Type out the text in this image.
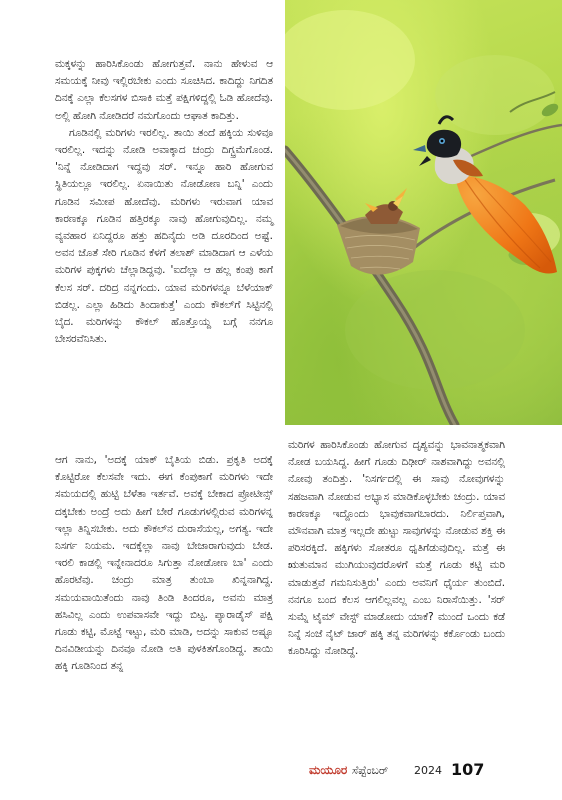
ಮಕ್ಕಳನ್ನು ಹಾರಿಸಿಕೊಂಡು ಹೋಗುತ್ತವೆ. ನಾನು ಹೇಳುವ ಆ ಸಮಯಕ್ಕೆ ನೀವು ಇಲ್ಲಿರಬೇಕು ಎಂದು ಸೂಚಿಸಿದ. ಕಾದಿದ್ದು ನಿಗದಿತ ದಿನಕ್ಕೆ ಎಲ್ಲಾ ಕೆಲಸಗಳ ಬಿಸಾಕಿ ಮತ್ತೆ ಪಕ್ಷಿಗಳಿದ್ದಲ್ಲಿ ಓಡಿ ಹೋದೆವು. ಅಲ್ಲಿ ಹೋಗಿ ನೋಡಿದರೆ ನಮಗೊಂದು ಆಘಾತ ಕಾದಿತ್ತು.

ಗೂಡಿನಲ್ಲಿ ಮರಿಗಳು ಇರಲಿಲ್ಲ. ತಾಯಿ ತಂದೆ ಹಕ್ಕಿಯ ಸುಳಿವೂ ಇರಲಿಲ್ಲ. ಇದನ್ನು ನೋಡಿ ಅವಾಕ್ಕಾದ ಚಂದ್ರು ದಿಗ್ಭ್ರಮೆಗೊಂಡ. 'ನಿನ್ನೆ ನೋಡಿದಾಗ ಇದ್ದವು ಸರ್. ಇನ್ನೂ ಹಾರಿ ಹೋಗುವ ಸ್ಥಿತಿಯಲ್ಲೂ ಇರಲಿಲ್ಲ. ಏನಾಯಿತು ನೋಡೋಣ ಬನ್ನಿ' ಎಂದು ಗೂಡಿನ ಸಮೀಪ ಹೋದೆವು. ಮರಿಗಳು ಇರುವಾಗ ಯಾವ ಕಾರಣಕ್ಕೂ ಗೂಡಿನ ಹತ್ತಿರಕ್ಕೂ ನಾವು ಹೋಗುವುದಿಲ್ಲ. ನಮ್ಮ ವ್ಯವಹಾರ ಏನಿದ್ದರೂ ಹತ್ತು ಹದಿನೈದು ಅಡಿ ದೂರದಿಂದ ಅಷ್ಟೆ. ಅವನ ಜೊತೆ ಸೇರಿ ಗೂಡಿನ ಕೆಳಗೆ ತಲಾಶ್ ಮಾಡಿದಾಗ ಆ ಎಳೆಯ ಮರಿಗಳ ಪುಕ್ಕಗಳು ಚೆಲ್ಲಾಡಿದ್ದವು. 'ಐದೆಲ್ಲಾ ಆ ಹಲ್ಲ ಕಂಪು ಕಾಗೆ ಕೆಲಸ ಸರ್. ದರಿದ್ರ ನನ್ನಗಂದು. ಯಾವ ಮರಿಗಳನ್ನೂ ಬೆಳೆಯಾಕ್ ಬಿಡಲ್ಲ. ಎಲ್ಲಾ ಹಿಡಿದು ತಿಂದಾಕುತ್ತೆ' ಎಂದು ಕೌಕಲ್‌ಗೆ ಸಿಟ್ಟಿನಲ್ಲಿ ಬೈದ. ಮರಿಗಳನ್ನು ಕೌಕಲ್ ಹೊತ್ತೊಯ್ದ ಬಗ್ಗೆ ನನಗೂ ಬೇಸರವೆನಿಸಿತು.

ಆಗ ನಾನು, 'ಅದಕ್ಕೆ ಯಾಕ್ ಬೈತಿಯ ಬಿಡು. ಪ್ರಕೃತಿ ಅದಕ್ಕೆ ಕೊಟ್ಟಿರೋ ಕೆಲಸವೇ ಇದು. ಈಗ ಕೆಂಪುಕಾಗೆ ಮರಿಗಳು ಇದೇ ಸಮಯದಲ್ಲಿ ಹುಟ್ಟಿ ಬೆಳೆತಾ ಇರ್ತವೆ. ಅವಕ್ಕೆ ಬೇಕಾದ ಪ್ರೋಟೀನ್ಸ್ ದಕ್ಕಬೇಕು ಅಂದ್ರೆ ಅದು ಹೀಗೆ ಬೇರೆ ಗೂಡುಗಳಲ್ಲಿರುವ ಮರಿಗಳನ್ನ ಇಲ್ಲಾ ತಿನ್ನಿಸಬೇಕು. ಅದು ಕೌಕಲ್‌ನ ದುರಾಸೆಯಲ್ಲ, ಅಗತ್ಯ. ಇದೇ ನಿಸರ್ಗ ನಿಯಮ. ಇದಕ್ಕೆಲ್ಲಾ ನಾವು ಬೇಜಾರಾಗುವುದು ಬೇಡ. ಇರಲಿ ಕಾಡಲ್ಲಿ ಇನ್ನೇನಾದರೂ ಸಿಗುತ್ತಾ ನೋಡೋಣ ಬಾ' ಎಂದು ಹೊರಟೆವು. ಚಂದ್ರು ಮಾತ್ರ ತುಂಬಾ ಖಿನ್ನನಾಗಿದ್ದ. ಸಮಯವಾಯಿತೆಂದು ನಾವು ತಿಂಡಿ ತಿಂದರೂ, ಅವನು ಮಾತ್ರ ಹಸಿವಿಲ್ಲ ಎಂದು ಉಪವಾಸವೇ ಇದ್ದು ಬಿಟ್ಟ. ಪ್ಯಾರಾಡೈಸ್ ಪಕ್ಷಿ ಗೂಡು ಕಟ್ಟಿ, ಮೊಟ್ಟೆ ಇಟ್ಟು, ಮರಿ ಮಾಡಿ, ಅದನ್ನು ಸಾಕುವ ಅಷ್ಟೂ ದಿನವಿಡೀಯನ್ನು ದಿನವೂ ನೋಡಿ ಅತಿ ಪುಳಕಿತಗೊಂಡಿದ್ದ. ತಾಯಿ ಹಕ್ಕಿ ಗೂಡಿನಿಂದ ತನ್ನ

ಮರಿಗಳ ಹಾರಿಸಿಕೊಂಡು ಹೋಗುವ ದೃಶ್ಯವನ್ನು ಭಾವನಾತ್ಮಕವಾಗಿ ನೋಡ ಬಯಸಿದ್ದ. ಹೀಗೆ ಗೂಡು ದಿಢೀರ್ ನಾಶವಾಗಿದ್ದು ಅವನಲ್ಲಿ ನೋವು ತಂದಿತ್ತು. 'ನಿಸರ್ಗದಲ್ಲಿ ಈ ಸಾವು ನೋವುಗಳನ್ನು ಸಹಜವಾಗಿ ನೋಡುವ ಅಭ್ಯಾಸ ಮಾಡಿಕೊಳ್ಳಬೇಕು ಚಂದ್ರು. ಯಾವ ಕಾರಣಕ್ಕೂ ಇದ್ದೊಂದು ಭಾವುಕವಾಗಬಾರದು. ನಿರ್ಲಿಪ್ತವಾಗಿ, ಮೌನವಾಗಿ ಮಾತ್ರ ಇಲ್ಲದೇ ಹುಟ್ಟು ಸಾವುಗಳನ್ನು ನೋಡುವ ಶಕ್ತಿ ಈ ಪರಿಸರಕ್ಕಿದೆ. ಹಕ್ಕಿಗಳು ಸೋತರೂ ಧೃತಿಗೆಡುವುದಿಲ್ಲ. ಮತ್ತೆ ಈ ಋತುಮಾನ ಮುಗಿಯುವುದರೊಳಗೆ ಮತ್ತೆ ಗೂಡು ಕಟ್ಟಿ ಮರಿ ಮಾಡುತ್ತವೆ ಗಮನಿಸುತ್ತಿರು' ಎಂದು ಅವನಿಗೆ ಧೈರ್ಯ ತುಂಬಿದೆ. ನನಗೂ ಬಂದ ಕೆಲಸ ಆಗಲಿಲ್ಲವಲ್ಲ ಎಂಬ ನಿರಾಸೆಯಿತ್ತು. 'ಸರ್ ಸುಮ್ನೆ ಟೈಮ್ ವೇಸ್ಟ್ ಮಾಡೋದು ಯಾಕೆ? ಮುಂದೆ ಒಂದು ಕಡೆ ನಿನ್ನೆ ಸಂಜೆ ನೈಟ್ ಜಾರ್ ಹಕ್ಕಿ ತನ್ನ ಮರಿಗಳನ್ನು ಕರ್ಕೊಂಡು ಬಂದು ಕೂರಿಸಿದ್ದು ನೋಡಿದ್ದೆ.

ಮಯೂರ ಸೆಪ್ಟೆಂಬರ್ 2024 107
